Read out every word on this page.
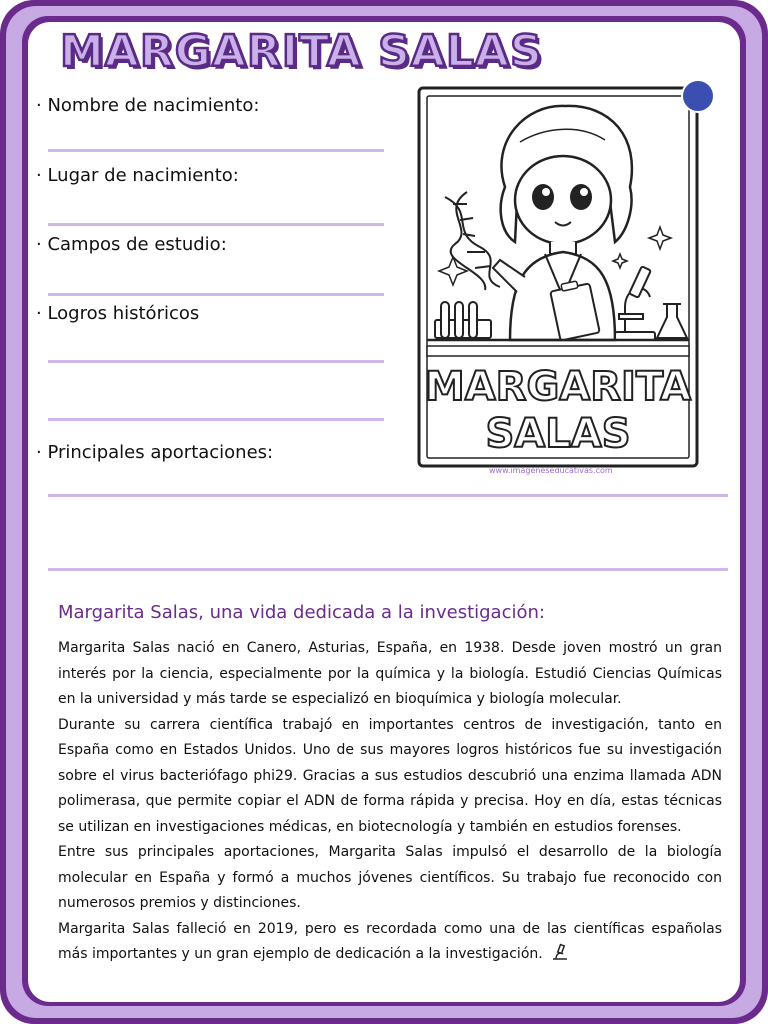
MARGARITA SALAS
· Nombre de nacimiento:
· Lugar de nacimiento:
· Campos de estudio:
· Logros históricos
· Principales aportaciones:
MARGARITA
SALAS
www.imageneseducativas.com
Margarita Salas, una vida dedicada a la investigación:

Margarita Salas nació en Canero, Asturias, España, en 1938. Desde joven mostró un gran interés por la ciencia, especialmente por la química y la biología. Estudió Ciencias Químicas en la universidad y más tarde se especializó en bioquímica y biología molecular.

Durante su carrera científica trabajó en importantes centros de investigación, tanto en España como en Estados Unidos. Uno de sus mayores logros históricos fue su investigación sobre el virus bacteriófago phi29. Gracias a sus estudios descubrió una enzima llamada ADN polimerasa, que permite copiar el ADN de forma rápida y precisa. Hoy en día, estas técnicas se utilizan en investigaciones médicas, en biotecnología y también en estudios forenses.

Entre sus principales aportaciones, Margarita Salas impulsó el desarrollo de la biología molecular en España y formó a muchos jóvenes científicos. Su trabajo fue reconocido con numerosos premios y distinciones.

Margarita Salas falleció en 2019, pero es recordada como una de las científicas españolas más importantes y un gran ejemplo de dedicación a la investigación.
